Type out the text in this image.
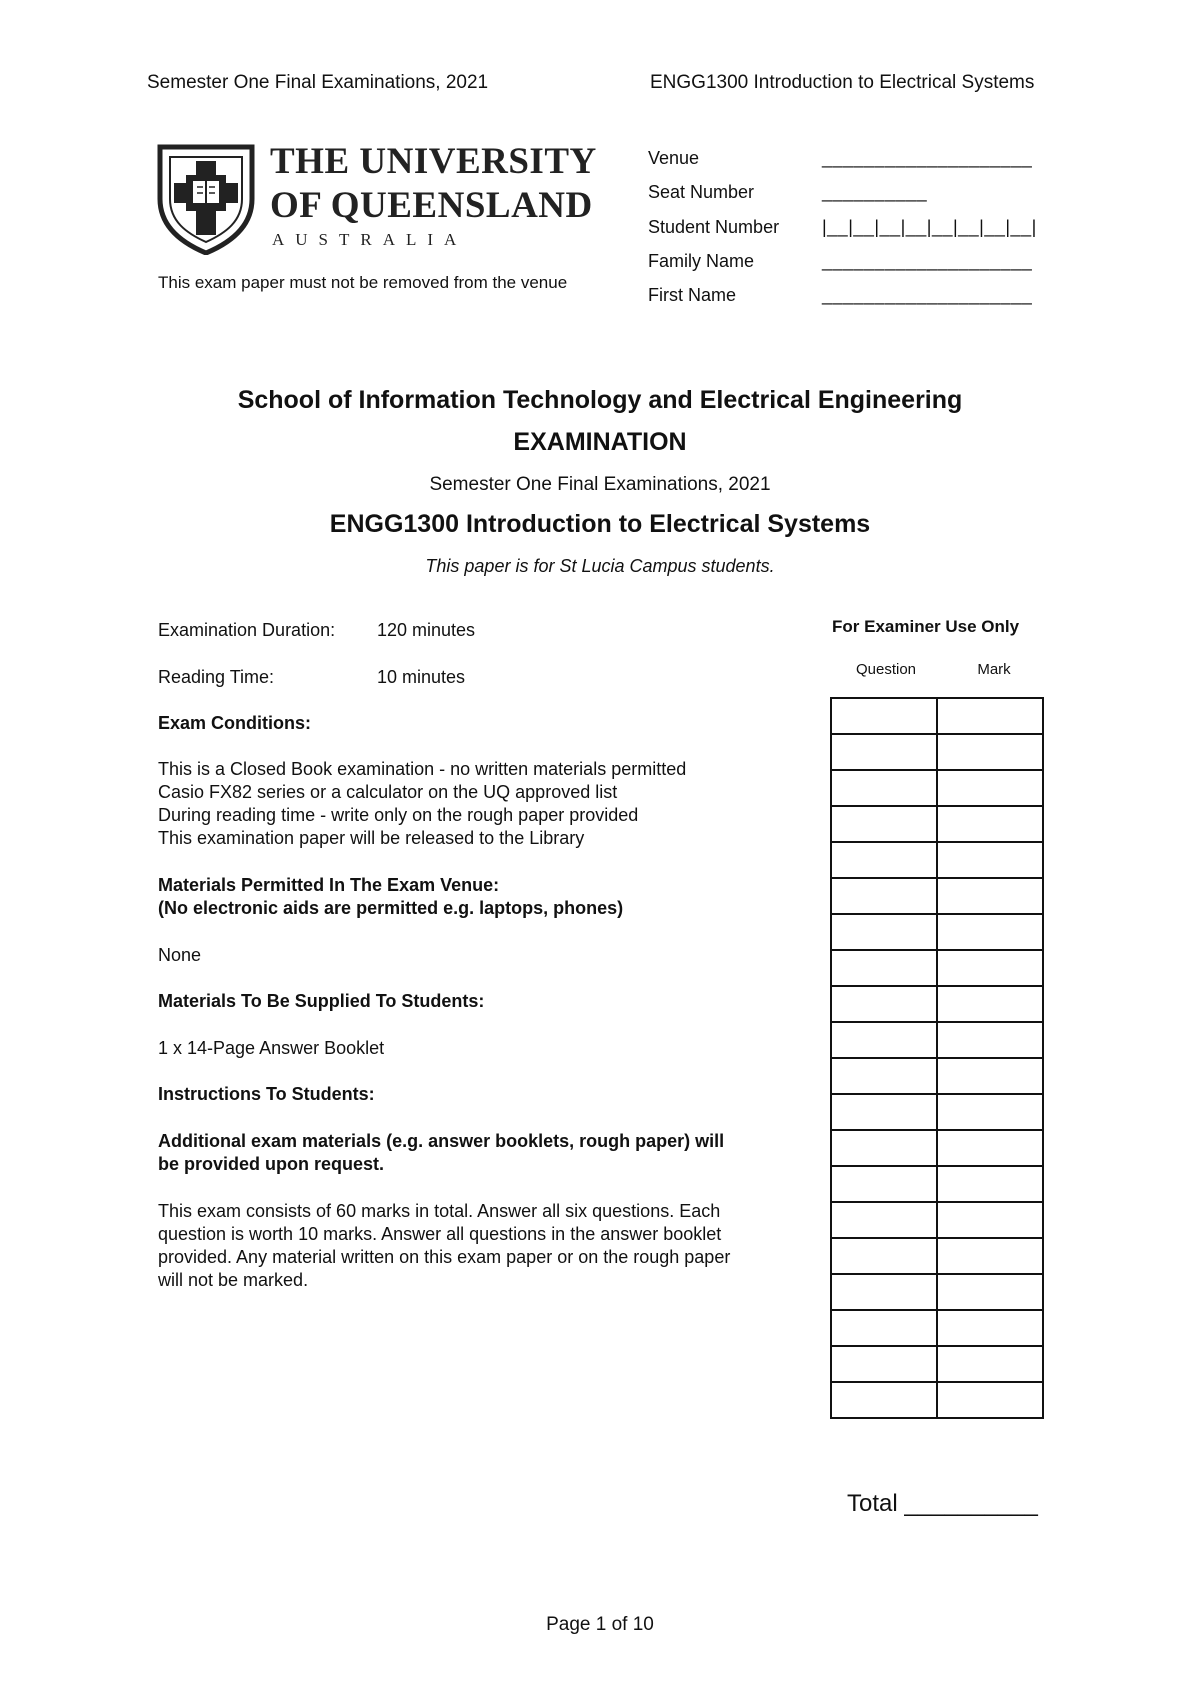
Semester One Final Examinations, 2021	ENGG1300 Introduction to Electrical Systems
THE UNIVERSITY
OF QUEENSLAND
AUSTRALIA
This exam paper must not be removed from the venue
Venue	____________________
Seat Number	__________
Student Number |__|__|__|__|__|__|__|__|
Family Name	____________________
First Name	____________________
School of Information Technology and Electrical Engineering
EXAMINATION
Semester One Final Examinations, 2021
ENGG1300 Introduction to Electrical Systems
This paper is for St Lucia Campus students.
Examination Duration: 120 minutes
Reading Time:	10 minutes
Exam Conditions:
This is a Closed Book examination - no written materials permitted
Casio FX82 series or a calculator on the UQ approved list
During reading time - write only on the rough paper provided
This examination paper will be released to the Library
Materials Permitted In The Exam Venue:
(No electronic aids are permitted e.g. laptops, phones)
None
Materials To Be Supplied To Students:
1 x 14-Page Answer Booklet
Instructions To Students:
Additional exam materials (e.g. answer booklets, rough paper) will
be provided upon request.
This exam consists of 60 marks in total. Answer all six questions. Each
question is worth 10 marks. Answer all questions in the answer booklet
provided. Any material written on this exam paper or on the rough paper
will not be marked.
For Examiner Use Only
Question	Mark

Total __________
Page 1 of 10
